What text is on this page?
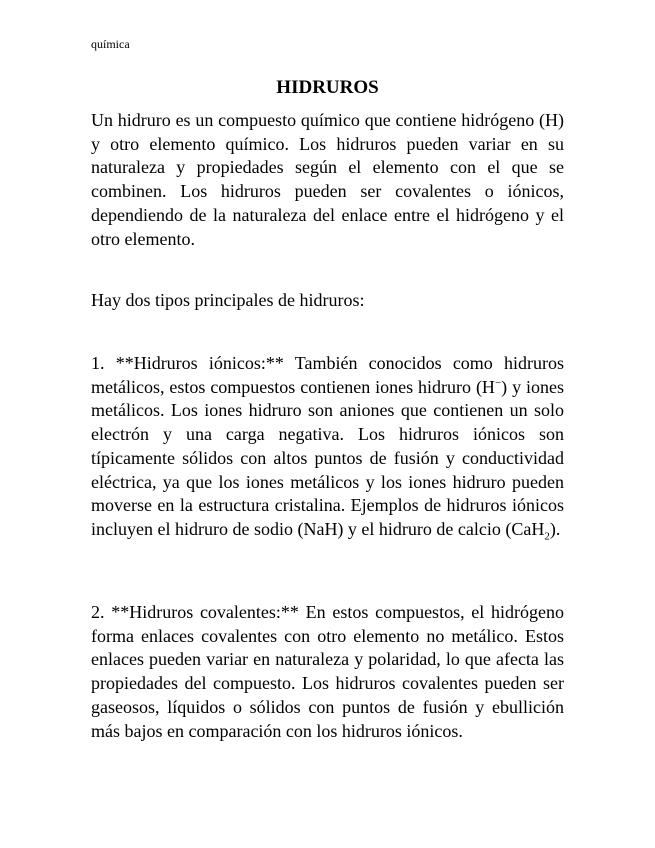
química

HIDRUROS

Un hidruro es un compuesto químico que contiene hidrógeno (H) y otro elemento químico. Los hidruros pueden variar en su naturaleza y propiedades según el elemento con el que se combinen. Los hidruros pueden ser covalentes o iónicos, dependiendo de la naturaleza del enlace entre el hidrógeno y el otro elemento.

Hay dos tipos principales de hidruros:

1. **Hidruros iónicos:** También conocidos como hidruros metálicos, estos compuestos contienen iones hidruro (H−) y iones metálicos. Los iones hidruro son aniones que contienen un solo electrón y una carga negativa. Los hidruros iónicos son típicamente sólidos con altos puntos de fusión y conductividad eléctrica, ya que los iones metálicos y los iones hidruro pueden moverse en la estructura cristalina. Ejemplos de hidruros iónicos incluyen el hidruro de sodio (NaH) y el hidruro de calcio (CaH$_2$).

2. **Hidruros covalentes:** En estos compuestos, el hidrógeno forma enlaces covalentes con otro elemento no metálico. Estos enlaces pueden variar en naturaleza y polaridad, lo que afecta las propiedades del compuesto. Los hidruros covalentes pueden ser gaseosos, líquidos o sólidos con puntos de fusión y ebullición más bajos en comparación con los hidruros iónicos.
